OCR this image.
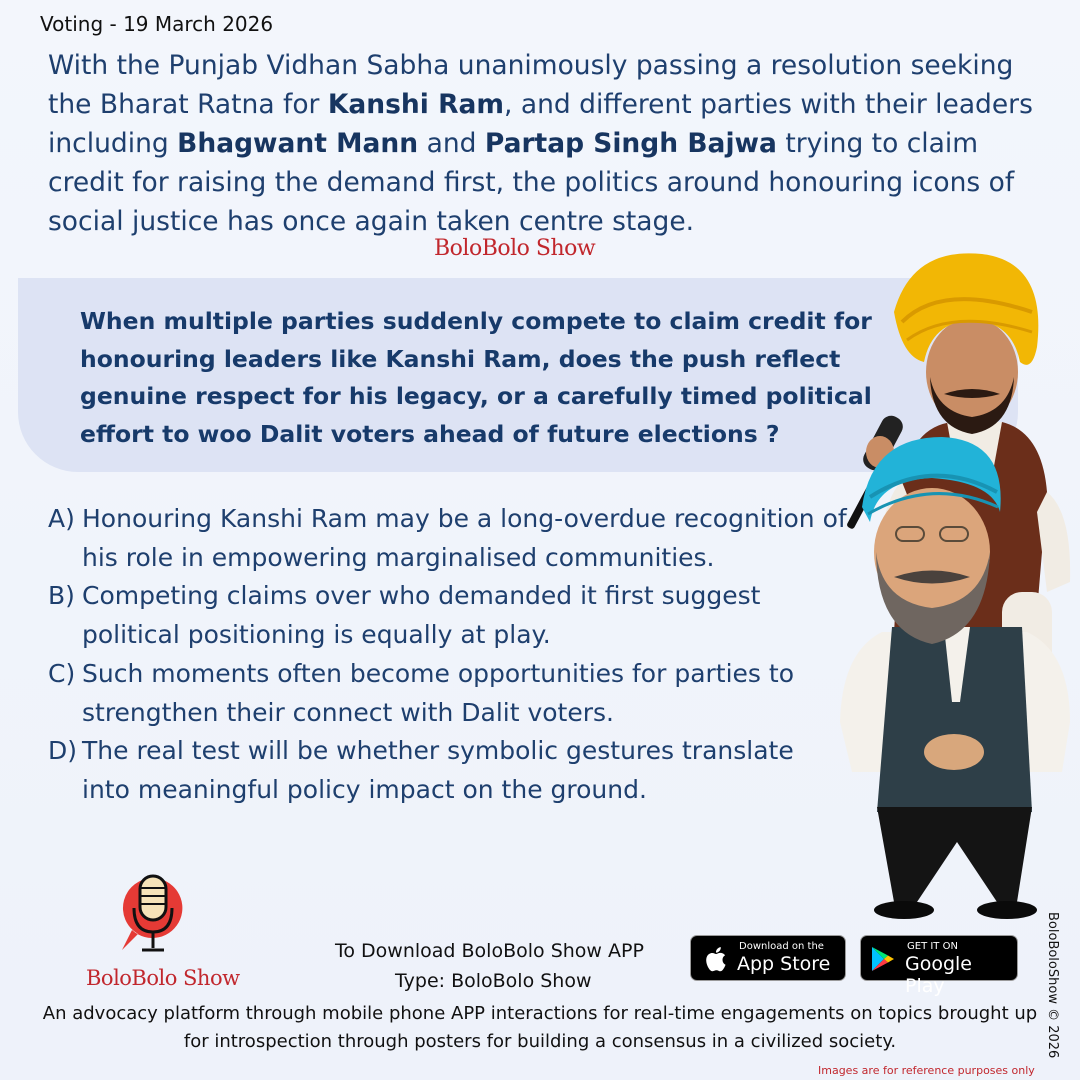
Voting - 19 March 2026

With the Punjab Vidhan Sabha unanimously passing a resolution seeking the Bharat Ratna for Kanshi Ram, and different parties with their leaders including Bhagwant Mann and Partap Singh Bajwa trying to claim credit for raising the demand first, the politics around honouring icons of social justice has once again taken centre stage.

BoloBolo Show

When multiple parties suddenly compete to claim credit for honouring leaders like Kanshi Ram, does the push reflect genuine respect for his legacy, or a carefully timed political effort to woo Dalit voters ahead of future elections ?

A) Honouring Kanshi Ram may be a long-overdue recognition of his role in empowering marginalised communities.
B) Competing claims over who demanded it first suggest political positioning is equally at play.
C) Such moments often become opportunities for parties to strengthen their connect with Dalit voters.
D) The real test will be whether symbolic gestures translate into meaningful policy impact on the ground.
BoloBolo Show
To Download BoloBolo Show APP
Type: BoloBolo Show
Download on the
App Store
GET IT ON
Google Play

An advocacy platform through mobile phone APP interactions for real-time engagements on topics brought up for introspection through posters for building a consensus in a civilized society.

Images are for reference purposes only
BoloBoloShow © 2026
